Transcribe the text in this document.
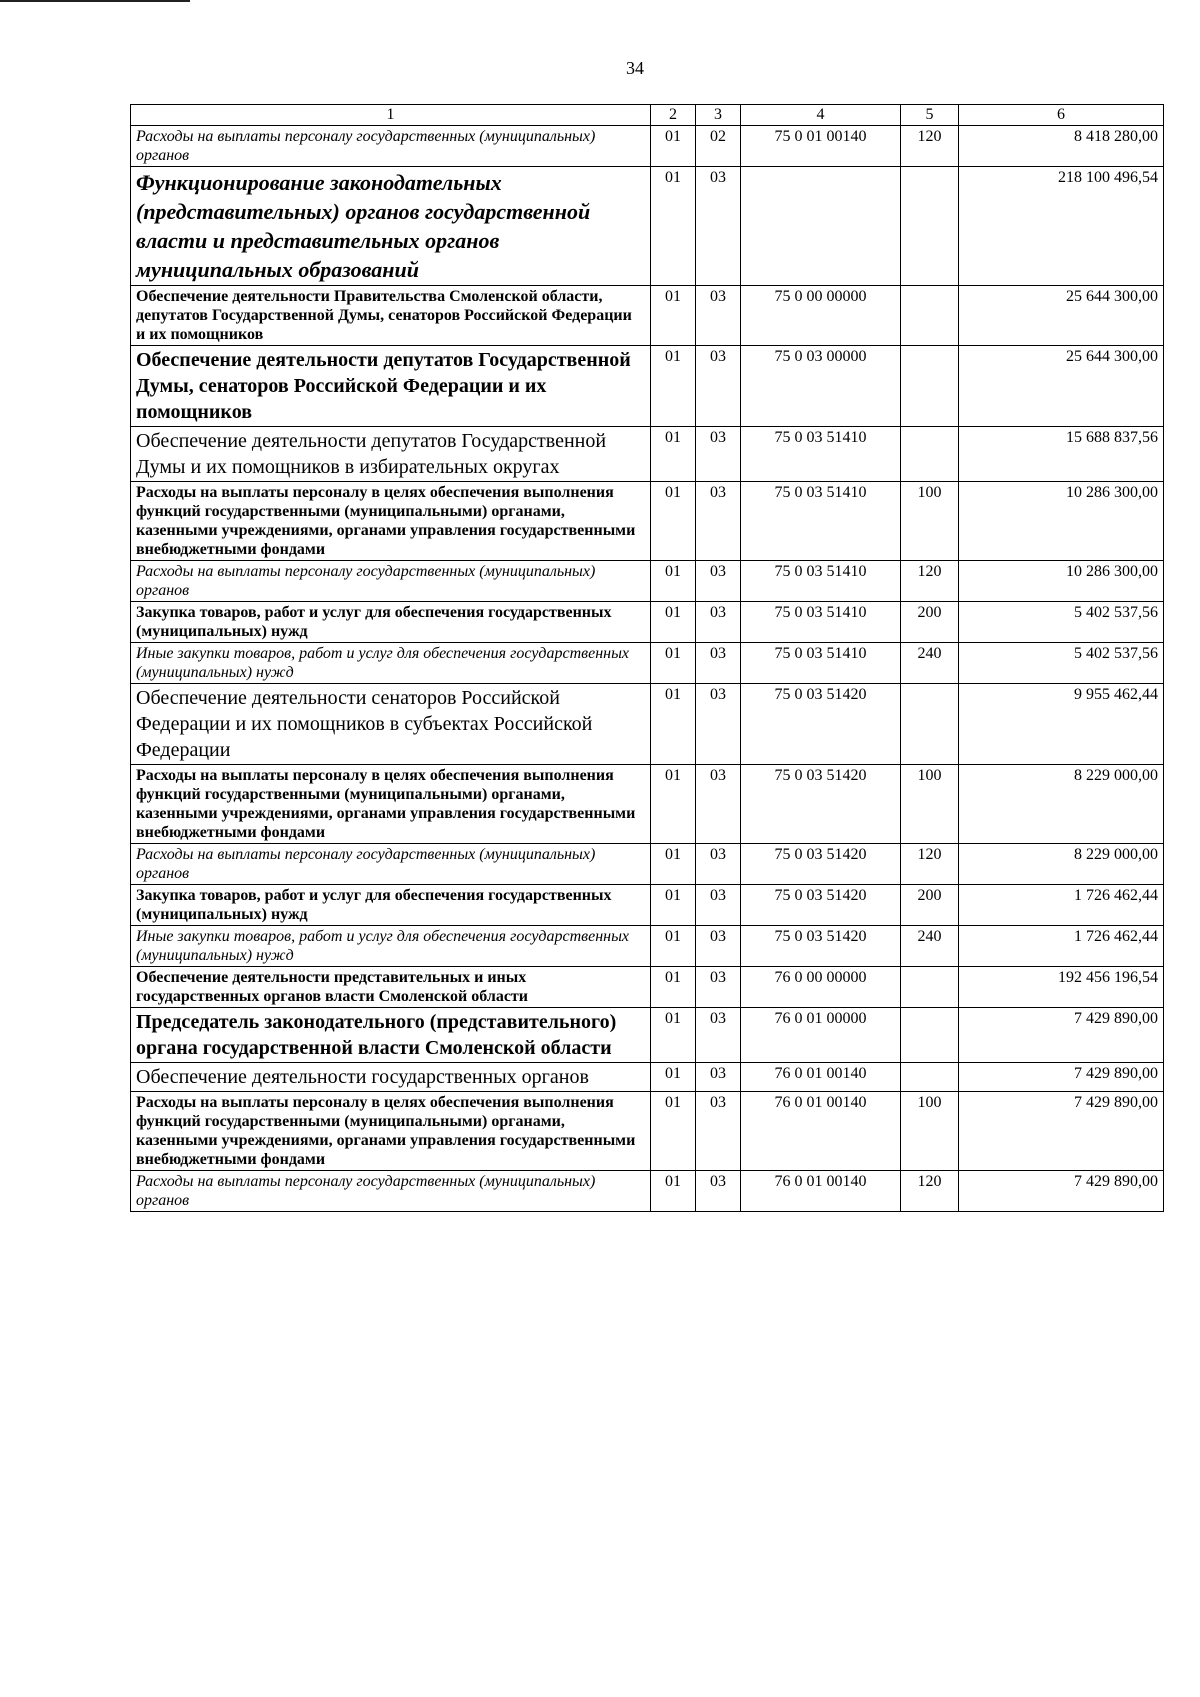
34
1	2	3	4	5	6
Расходы на выплаты персоналу государственных (муниципальных) органов	01	02	75 0 01 00140	120	8 418 280,00
Функционирование законодательных (представительных) органов государственной власти и представительных органов муниципальных образований	01	03			218 100 496,54
Обеспечение деятельности Правительства Смоленской области, депутатов Государственной Думы, сенаторов Российской Федерации и их помощников	01	03	75 0 00 00000		25 644 300,00
Обеспечение деятельности депутатов Государственной Думы, сенаторов Российской Федерации и их помощников	01	03	75 0 03 00000		25 644 300,00
Обеспечение деятельности депутатов Государственной Думы и их помощников в избирательных округах	01	03	75 0 03 51410		15 688 837,56
Расходы на выплаты персоналу в целях обеспечения выполнения функций государственными (муниципальными) органами, казенными учреждениями, органами управления государственными внебюджетными фондами	01	03	75 0 03 51410	100	10 286 300,00
Расходы на выплаты персоналу государственных (муниципальных) органов	01	03	75 0 03 51410	120	10 286 300,00
Закупка товаров, работ и услуг для обеспечения государственных (муниципальных) нужд	01	03	75 0 03 51410	200	5 402 537,56
Иные закупки товаров, работ и услуг для обеспечения государственных (муниципальных) нужд	01	03	75 0 03 51410	240	5 402 537,56
Обеспечение деятельности сенаторов Российской Федерации и их помощников в субъектах Российской Федерации	01	03	75 0 03 51420		9 955 462,44
Расходы на выплаты персоналу в целях обеспечения выполнения функций государственными (муниципальными) органами, казенными учреждениями, органами управления государственными внебюджетными фондами	01	03	75 0 03 51420	100	8 229 000,00
Расходы на выплаты персоналу государственных (муниципальных) органов	01	03	75 0 03 51420	120	8 229 000,00
Закупка товаров, работ и услуг для обеспечения государственных (муниципальных) нужд	01	03	75 0 03 51420	200	1 726 462,44
Иные закупки товаров, работ и услуг для обеспечения государственных (муниципальных) нужд	01	03	75 0 03 51420	240	1 726 462,44
Обеспечение деятельности представительных и иных государственных органов власти Смоленской области	01	03	76 0 00 00000		192 456 196,54
Председатель законодательного (представительного) органа государственной власти Смоленской области	01	03	76 0 01 00000		7 429 890,00
Обеспечение деятельности государственных органов	01	03	76 0 01 00140		7 429 890,00
Расходы на выплаты персоналу в целях обеспечения выполнения функций государственными (муниципальными) органами, казенными учреждениями, органами управления государственными внебюджетными фондами	01	03	76 0 01 00140	100	7 429 890,00
Расходы на выплаты персоналу государственных (муниципальных) органов	01	03	76 0 01 00140	120	7 429 890,00
